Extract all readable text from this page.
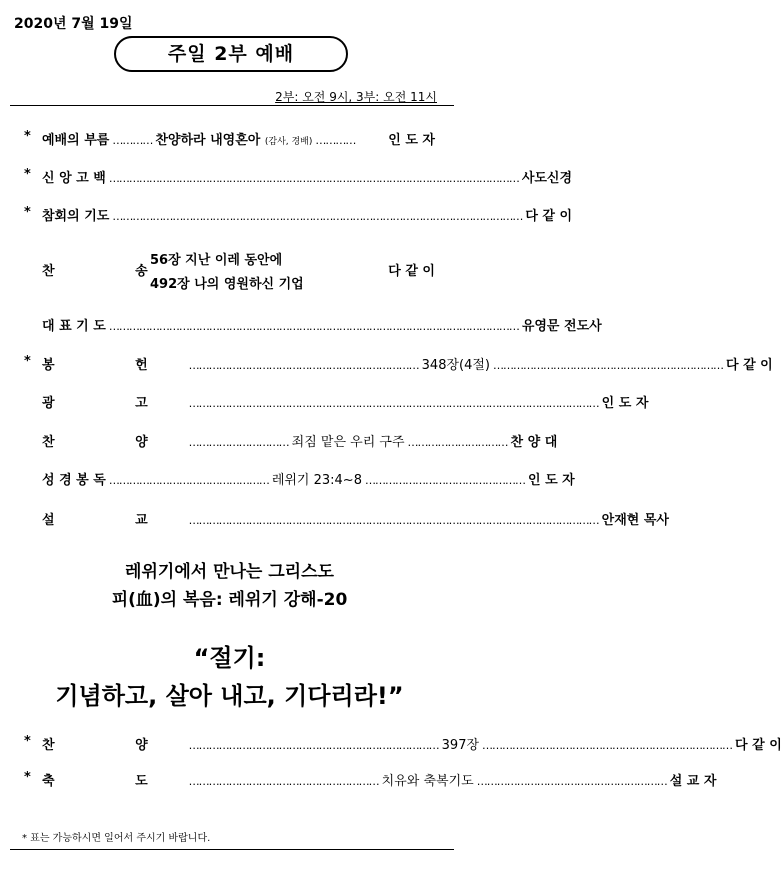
2020년 7월 19일
주일 2부 예배
2부: 오전 9시, 3부: 오전 11시
* 예배의 부름 ………… 찬양하라 내영혼아 (감사, 경배) …………	인 도 자
* 신 앙 고 백 …………………………………………………………………………………………………………… 사도신경
* 참회의 기도 …………………………………………………………………………………………………………… 다 같 이
찬 송	다 같 이
56장 지난 이레 동안에
492장 나의 영원하신 기업
대 표 기 도 …………………………………………………………………………………………………………… 유영문 전도사
* 봉 헌 …………………………………………………………… 348장(4절) …………………………………………………………… 다 같 이
광 고 …………………………………………………………………………………………………………… 인 도 자
찬 양 ………………………… 죄짐 맡은 우리 구주 ………………………… 찬 양 대
성 경 봉 독 ………………………………………… 레위기 23:4~8 ………………………………………… 인 도 자
설 교 …………………………………………………………………………………………………………… 안재현 목사
레위기에서 만나는 그리스도
피(血)의 복음: 레위기 강해-20
“절기:
기념하고, 살아 내고, 기다리라!”
* 찬 양 ………………………………………………………………… 397장 ………………………………………………………………… 다 같 이
* 축 도 ………………………………………………… 치유와 축복기도 ………………………………………………… 설 교 자
* 표는 가능하시면 일어서 주시기 바랍니다.
